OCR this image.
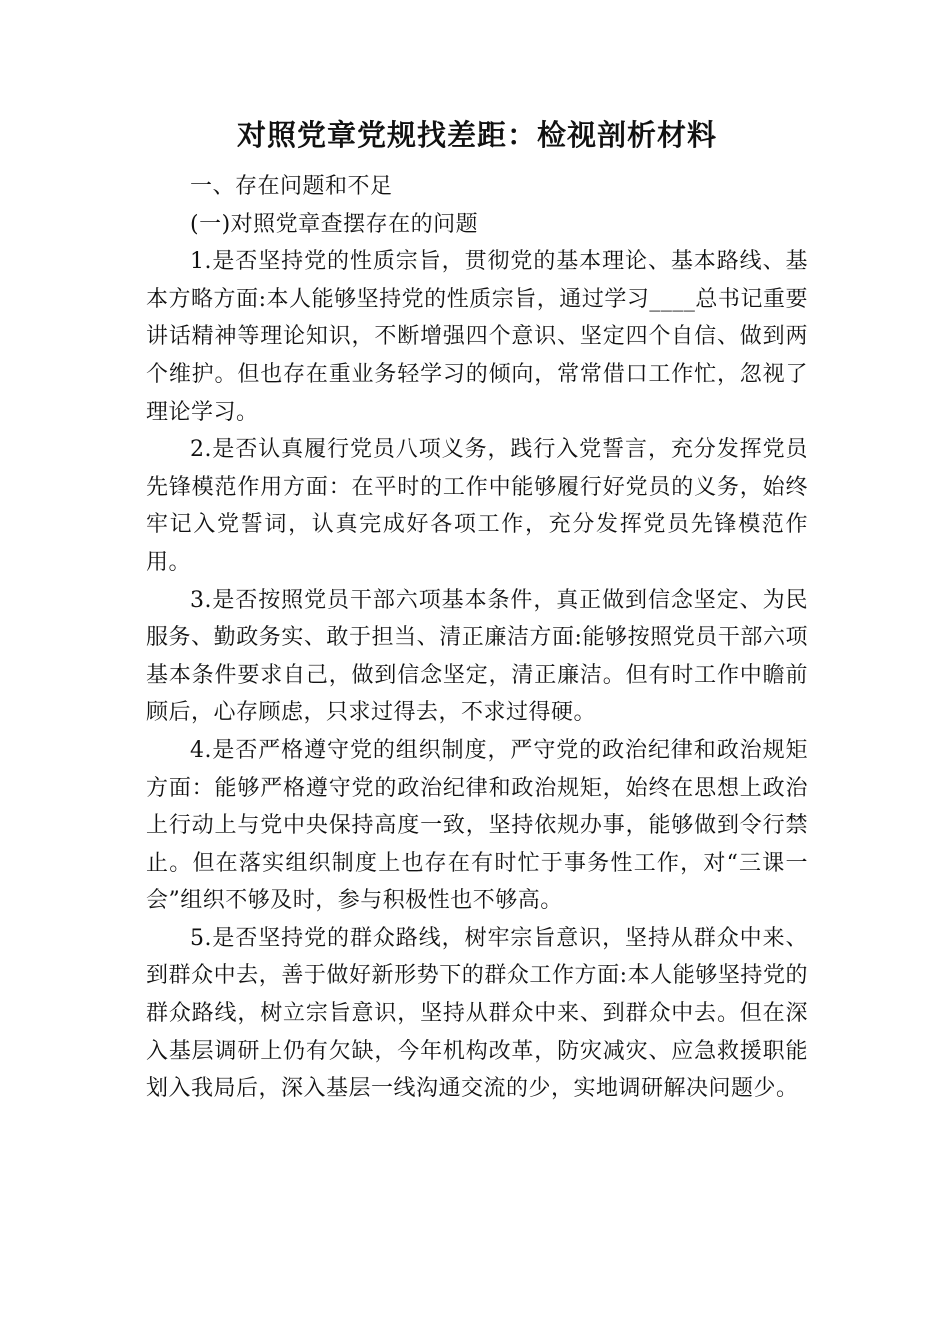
对照党章党规找差距：检视剖析材料

一、存在问题和不足

(一)对照党章查摆存在的问题

1.是否坚持党的性质宗旨，贯彻党的基本理论、基本路线、基本方略方面:本人能够坚持党的性质宗旨，通过学习____总书记重要讲话精神等理论知识，不断增强四个意识、坚定四个自信、做到两个维护。但也存在重业务轻学习的倾向，常常借口工作忙，忽视了理论学习。

2.是否认真履行党员八项义务，践行入党誓言，充分发挥党员先锋模范作用方面：在平时的工作中能够履行好党员的义务，始终牢记入党誓词，认真完成好各项工作，充分发挥党员先锋模范作用。

3.是否按照党员干部六项基本条件，真正做到信念坚定、为民服务、勤政务实、敢于担当、清正廉洁方面:能够按照党员干部六项基本条件要求自己，做到信念坚定，清正廉洁。但有时工作中瞻前顾后，心存顾虑，只求过得去，不求过得硬。

4.是否严格遵守党的组织制度，严守党的政治纪律和政治规矩方面：能够严格遵守党的政治纪律和政治规矩，始终在思想上政治上行动上与党中央保持高度一致，坚持依规办事，能够做到令行禁止。但在落实组织制度上也存在有时忙于事务性工作，对“三课一会”组织不够及时，参与积极性也不够高。

5.是否坚持党的群众路线，树牢宗旨意识，坚持从群众中来、到群众中去，善于做好新形势下的群众工作方面:本人能够坚持党的群众路线，树立宗旨意识，坚持从群众中来、到群众中去。但在深入基层调研上仍有欠缺，今年机构改革，防灾减灾、应急救援职能划入我局后，深入基层一线沟通交流的少，实地调研解决问题少。
